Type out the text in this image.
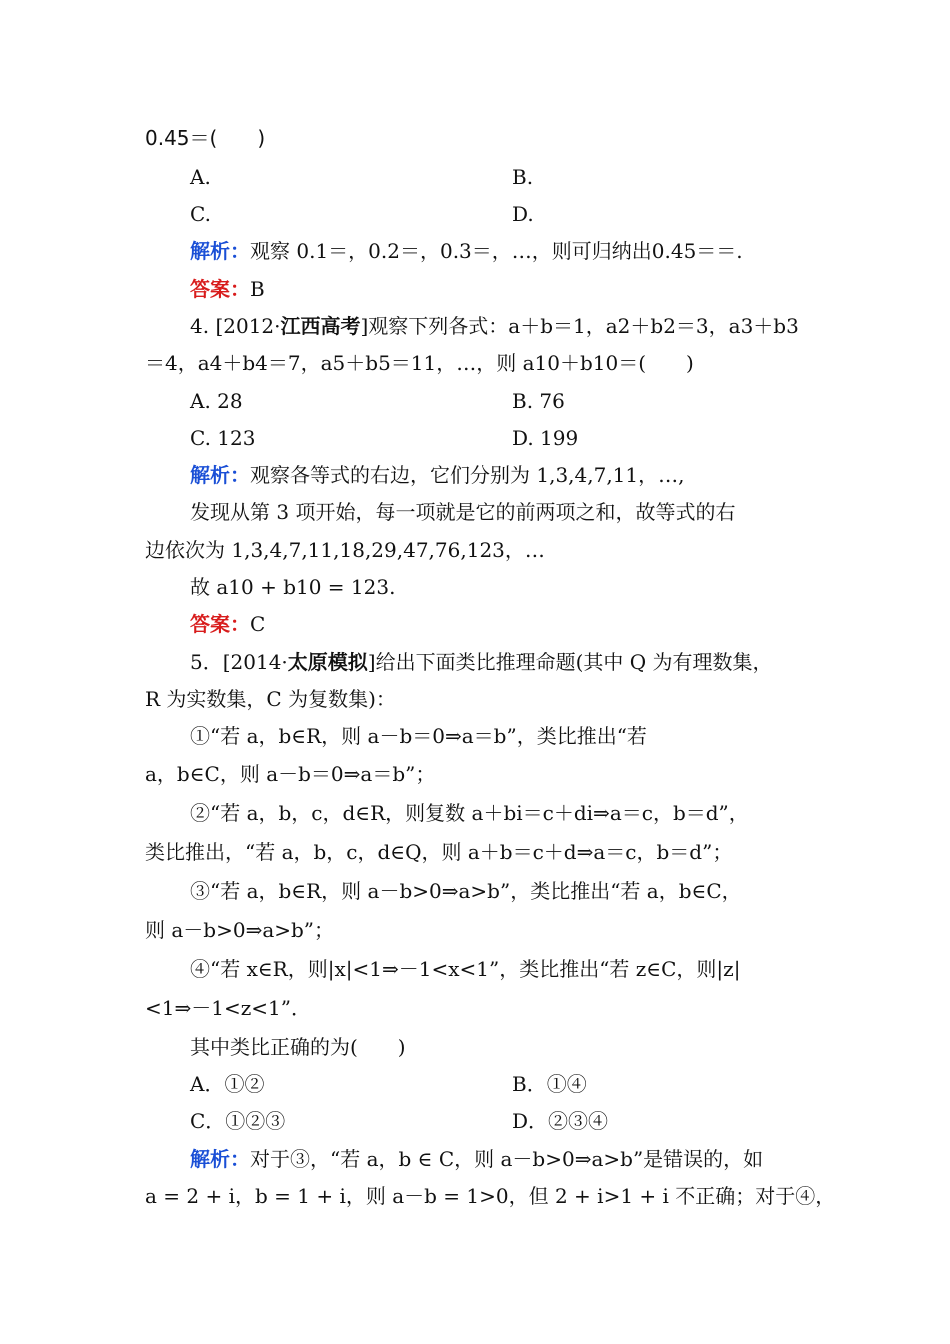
0.45＝(　　)
A.	B.
C.	D.
解析：观察 0.1＝，0.2＝，0.3＝，…，则可归纳出0.45＝＝.
答案：B
4. [2012·江西高考]观察下列各式：a＋b＝1，a2＋b2＝3，a3＋b3
＝4，a4＋b4＝7，a5＋b5＝11，…，则 a10＋b10＝(　　)
A. 28	B. 76
C. 123	D. 199
解析：观察各等式的右边，它们分别为 1,3,4,7,11，…,
发现从第 3 项开始，每一项就是它的前两项之和，故等式的右
边依次为 1,3,4,7,11,18,29,47,76,123，…
故 a10 + b10 = 123.
答案：C
5．[2014·太原模拟]给出下面类比推理命题(其中 Q 为有理数集，
R 为实数集，C 为复数集)：
①“若 a，b∈R，则 a－b＝0⇒a＝b”，类比推出“若
a，b∈C，则 a－b＝0⇒a＝b”；
②“若 a，b，c，d∈R，则复数 a＋bi＝c＋di⇒a＝c，b＝d”，
类比推出，“若 a，b，c，d∈Q，则 a＋b＝c＋d⇒a＝c，b＝d”；
③“若 a，b∈R，则 a－b>0⇒a>b”，类比推出“若 a，b∈C，
则 a－b>0⇒a>b”；
④“若 x∈R，则|x|<1⇒－1<x<1”，类比推出“若 z∈C，则|z|
<1⇒－1<z<1”．
其中类比正确的为(　　)
A．①②	B．①④
C．①②③	D．②③④
解析：对于③，“若 a，b ∈ C，则 a－b>0⇒a>b”是错误的，如
a = 2 + i，b = 1 + i，则 a－b = 1>0，但 2 + i>1 + i 不正确；对于④，
